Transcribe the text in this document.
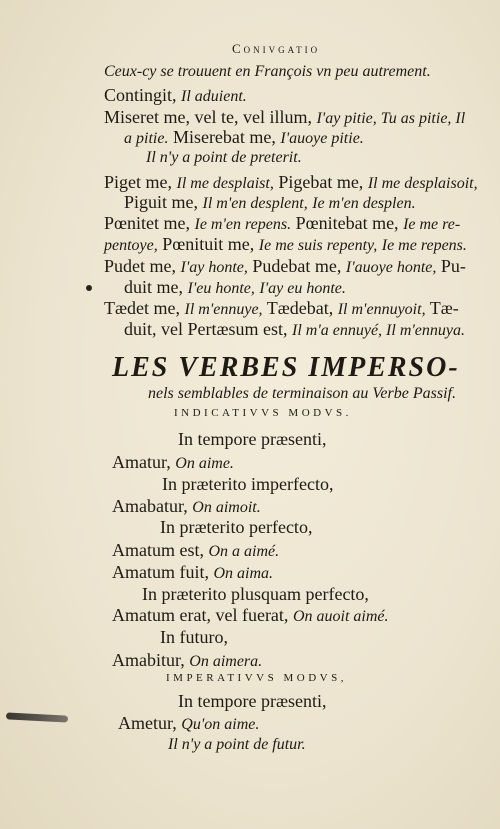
Conivgatio
Ceux-cy se trouuent en François vn peu autrement.
Contingit, Il aduient.
Miseret me, vel te, vel illum, I'ay pitie, Tu as pitie, Il
a pitie. Miserebat me, I'auoye pitie.
Il n'y a point de preterit.
Piget me, Il me desplaist, Pigebat me, Il me desplaisoit,
Piguit me, Il m'en desplent, Ie m'en desplen.
Pœnitet me, Ie m'en repens. Pœnitebat me, Ie me re-
pentoye, Pœnituit me, Ie me suis repenty, Ie me repens.
Pudet me, I'ay honte, Pudebat me, I'auoye honte, Pu-
duit me, I'eu honte, I'ay eu honte.
Tædet me, Il m'ennuye, Tædebat, Il m'ennuyoit, Tæ-
duit, vel Pertæsum est, Il m'a ennuyé, Il m'ennuya.
LES VERBES IMPERSO-
nels semblables de terminaison au Verbe Passif.
INDICATIVVS MODVS.
In tempore præsenti,
Amatur, On aime.
In præterito imperfecto,
Amabatur, On aimoit.
In præterito perfecto,
Amatum est, On a aimé.
Amatum fuit, On aima.
In præterito plusquam perfecto,
Amatum erat, vel fuerat, On auoit aimé.
In futuro,
Amabitur, On aimera.
IMPERATIVVS MODVS,
In tempore præsenti,
Ametur, Qu'on aime.
Il n'y a point de futur.
